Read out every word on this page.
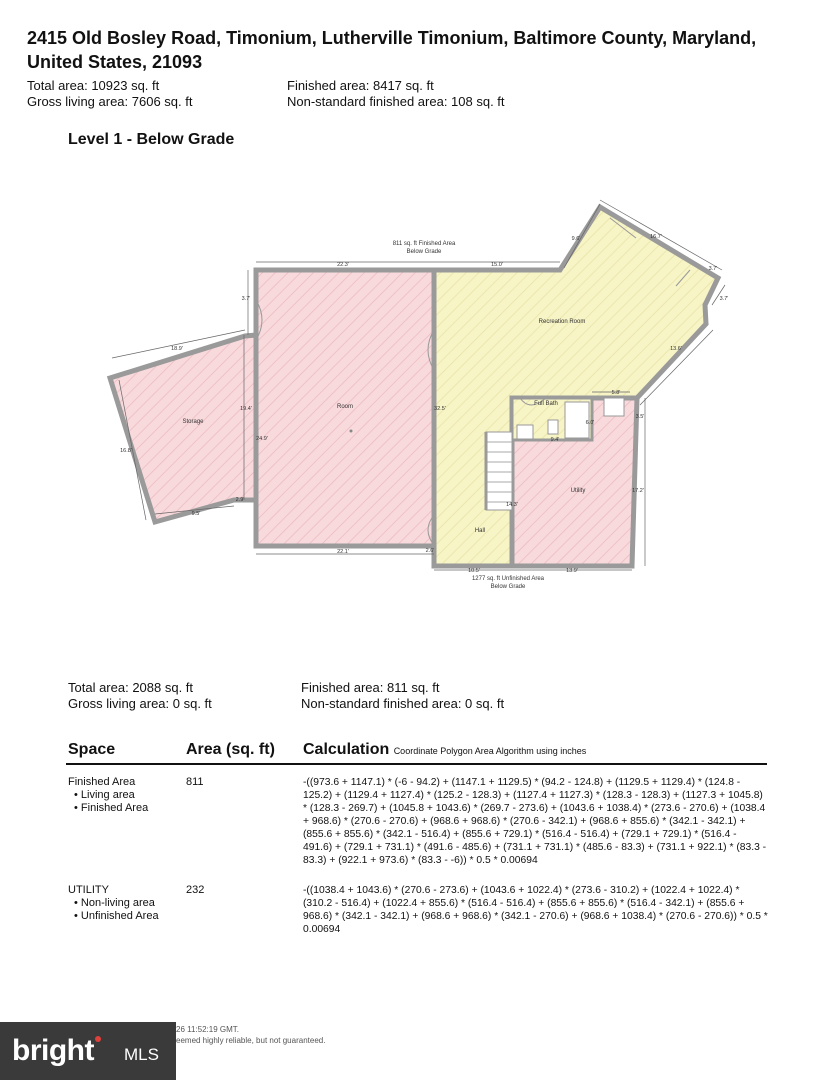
2415 Old Bosley Road, Timonium, Lutherville Timonium, Baltimore County, Maryland, United States, 21093
Total area: 10923 sq. ft	Finished area: 8417 sq. ft
Gross living area: 7606 sq. ft	Non-standard finished area: 108 sq. ft
Level 1 - Below Grade
Storage
Room
Recreation Room
Full Bath
Utility
Hall
811 sq. ft Finished Area
Below Grade
1277 sq. ft Unfinished Area
Below Grade
22.3'	15.0'
9.6'	16.7'
3.7'
13.6'
3.7'
3.7'
18.9'
19.4'
24.9'
16.8'
9.5'
2.9'
22.1'
32.5'
5.8'
3.5'
9.4'
6.0'
17.2'
14.3'
10.5'	13.9'
2.6'
Total area: 2088 sq. ft	Finished area: 811 sq. ft
Gross living area: 0 sq. ft	Non-standard finished area: 0 sq. ft
Space	Area (sq. ft) Calculation Coordinate Polygon Area Algorithm using inches
Finished Area
• Living area
• Finished Area
811	-((973.6 + 1147.1) * (-6 - 94.2) + (1147.1 + 1129.5) * (94.2 - 124.8) + (1129.5 + 1129.4) * (124.8 - 125.2) + (1129.4 + 1127.4) * (125.2 - 128.3) + (1127.4 + 1127.3) * (128.3 - 128.3) + (1127.3 + 1045.8) * (128.3 - 269.7) + (1045.8 + 1043.6) * (269.7 - 273.6) + (1043.6 + 1038.4) * (273.6 - 270.6) + (1038.4 + 968.6) * (270.6 - 270.6) + (968.6 + 968.6) * (270.6 - 342.1) + (968.6 + 855.6) * (342.1 - 342.1) + (855.6 + 855.6) * (342.1 - 516.4) + (855.6 + 729.1) * (516.4 - 516.4) + (729.1 + 729.1) * (516.4 - 491.6) + (729.1 + 731.1) * (491.6 - 485.6) + (731.1 + 731.1) * (485.6 - 83.3) + (731.1 + 922.1) * (83.3 - 83.3) + (922.1 + 973.6) * (83.3 - -6)) * 0.5 * 0.00694
UTILITY
• Non-living area
• Unfinished Area
232	-((1038.4 + 1043.6) * (270.6 - 273.6) + (1043.6 + 1022.4) * (273.6 - 310.2) + (1022.4 + 1022.4) * (310.2 - 516.4) + (1022.4 + 855.6) * (516.4 - 516.4) + (855.6 + 855.6) * (516.4 - 342.1) + (855.6 + 968.6) * (342.1 - 342.1) + (968.6 + 968.6) * (342.1 - 270.6) + (968.6 + 1038.4) * (270.6 - 270.6)) * 0.5 * 0.00694
bright MLS
26 11:52:19 GMT.
eemed highly reliable, but not guaranteed.
